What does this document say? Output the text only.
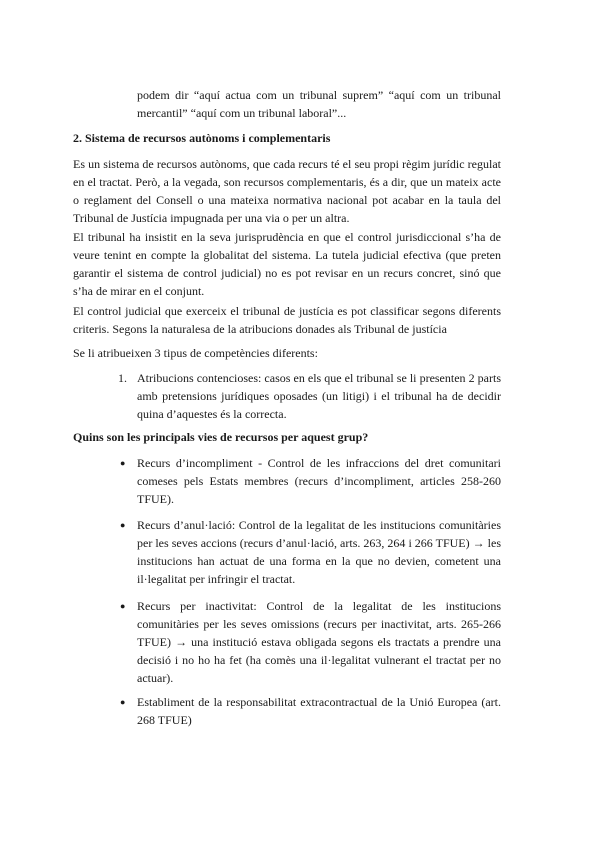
podem dir “aquí actua com un tribunal suprem” “aquí com un tribunal mercantil” “aquí com un tribunal laboral”...
2. Sistema de recursos autònoms i complementaris
Es un sistema de recursos autònoms, que cada recurs té el seu propi règim jurídic regulat en el tractat. Però, a la vegada, son recursos complementaris, és a dir, que un mateix acte o reglament del Consell o una mateixa normativa nacional pot acabar en la taula del Tribunal de Justícia impugnada per una via o per un altra.
El tribunal ha insistit en la seva jurisprudència en que el control jurisdiccional s’ha de veure tenint en compte la globalitat del sistema. La tutela judicial efectiva (que preten garantir el sistema de control judicial) no es pot revisar en un recurs concret, sinó que s’ha de mirar en el conjunt.
El control judicial que exerceix el tribunal de justícia es pot classificar segons diferents criteris. Segons la naturalesa de la atribucions donades als Tribunal de justícia
Se li atribueixen 3 tipus de competències diferents:
1. Atribucions contencioses: casos en els que el tribunal se li presenten 2 parts amb pretensions jurídiques oposades (un litigi) i el tribunal ha de decidir quina d’aquestes és la correcta.
Quins son les principals vies de recursos per aquest grup?
● Recurs d’incompliment - Control de les infraccions del dret comunitari comeses pels Estats membres (recurs d’incompliment, articles 258-260 TFUE).
● Recurs d’anul·lació: Control de la legalitat de les institucions comunitàries per les seves accions (recurs d’anul·lació, arts. 263, 264 i 266 TFUE) → les institucions han actuat de una forma en la que no devien, cometent una il·legalitat per infringir el tractat.
● Recurs per inactivitat: Control de la legalitat de les institucions comunitàries per les seves omissions (recurs per inactivitat, arts. 265-266 TFUE) → una institució estava obligada segons els tractats a prendre una decisió i no ho ha fet (ha comès una il·legalitat vulnerant el tractat per no actuar).
● Establiment de la responsabilitat extracontractual de la Unió Europea (art. 268 TFUE)
